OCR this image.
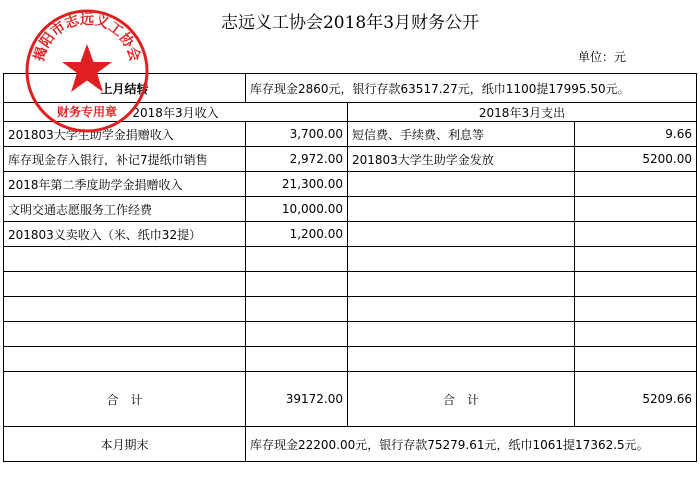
志远义工协会2018年3月财务公开
单位：元
上月结转	库存现金2860元，银行存款63517.27元，纸巾1100提17995.50元。		
2018年3月收入		2018年3月支出	
201803大学生助学金捐赠收入	3,700.00	短信费、手续费、利息等	9.66
库存现金存入银行，补记7提纸巾销售	2,972.00	201803大学生助学金发放	5200.00
2018年第二季度助学金捐赠收入	21,300.00		
文明交通志愿服务工作经费	10,000.00		
201803义卖收入（米、纸巾32提）	1,200.00		

合　计	39172.00	合　计	5209.66
本月期末	库存现金22200.00元，银行存款75279.61元，纸巾1061提17362.5元。		
揭阳市志远义工协会
财务专用章
